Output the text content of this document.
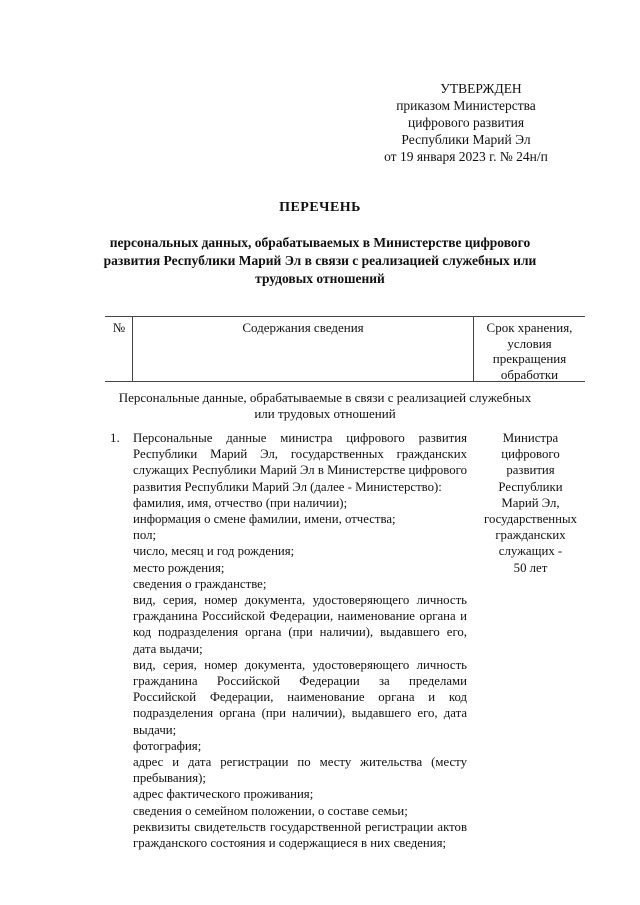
УТВЕРЖДЕН
приказом Министерства
цифрового развития
Республики Марий Эл
от 19 января 2023 г. № 24н/п
ПЕРЕЧЕНЬ
персональных данных, обрабатываемых в Министерстве цифрового развития Республики Марий Эл в связи с реализацией служебных или трудовых отношений
№	Содержания сведения	Срок хранения,
условия
прекращения
обработки
Персональные данные, обрабатываемые в связи с реализацией служебных или трудовых отношений
1. Персональные данные министра цифрового развития Республики Марий Эл, государственных гражданских служащих Республики Марий Эл в Министерстве цифрового развития Республики Марий Эл (далее - Министерство):
фамилия, имя, отчество (при наличии);
информация о смене фамилии, имени, отчества;
пол;
число, месяц и год рождения;
место рождения;
сведения о гражданстве;
вид, серия, номер документа, удостоверяющего личность гражданина Российской Федерации, наименование органа и код подразделения органа (при наличии), выдавшего его, дата выдачи;
вид, серия, номер документа, удостоверяющего личность гражданина Российской Федерации за пределами Российской Федерации, наименование органа и код подразделения органа (при наличии), выдавшего его, дата выдачи;
фотография;
адрес и дата регистрации по месту жительства (месту пребывания);
адрес фактического проживания;
сведения о семейном положении, о составе семьи;
реквизиты свидетельств государственной регистрации актов гражданского состояния и содержащиеся в них сведения;
Министра
цифрового
развития
Республики
Марий Эл,
государственных
гражданских
служащих -
50 лет
